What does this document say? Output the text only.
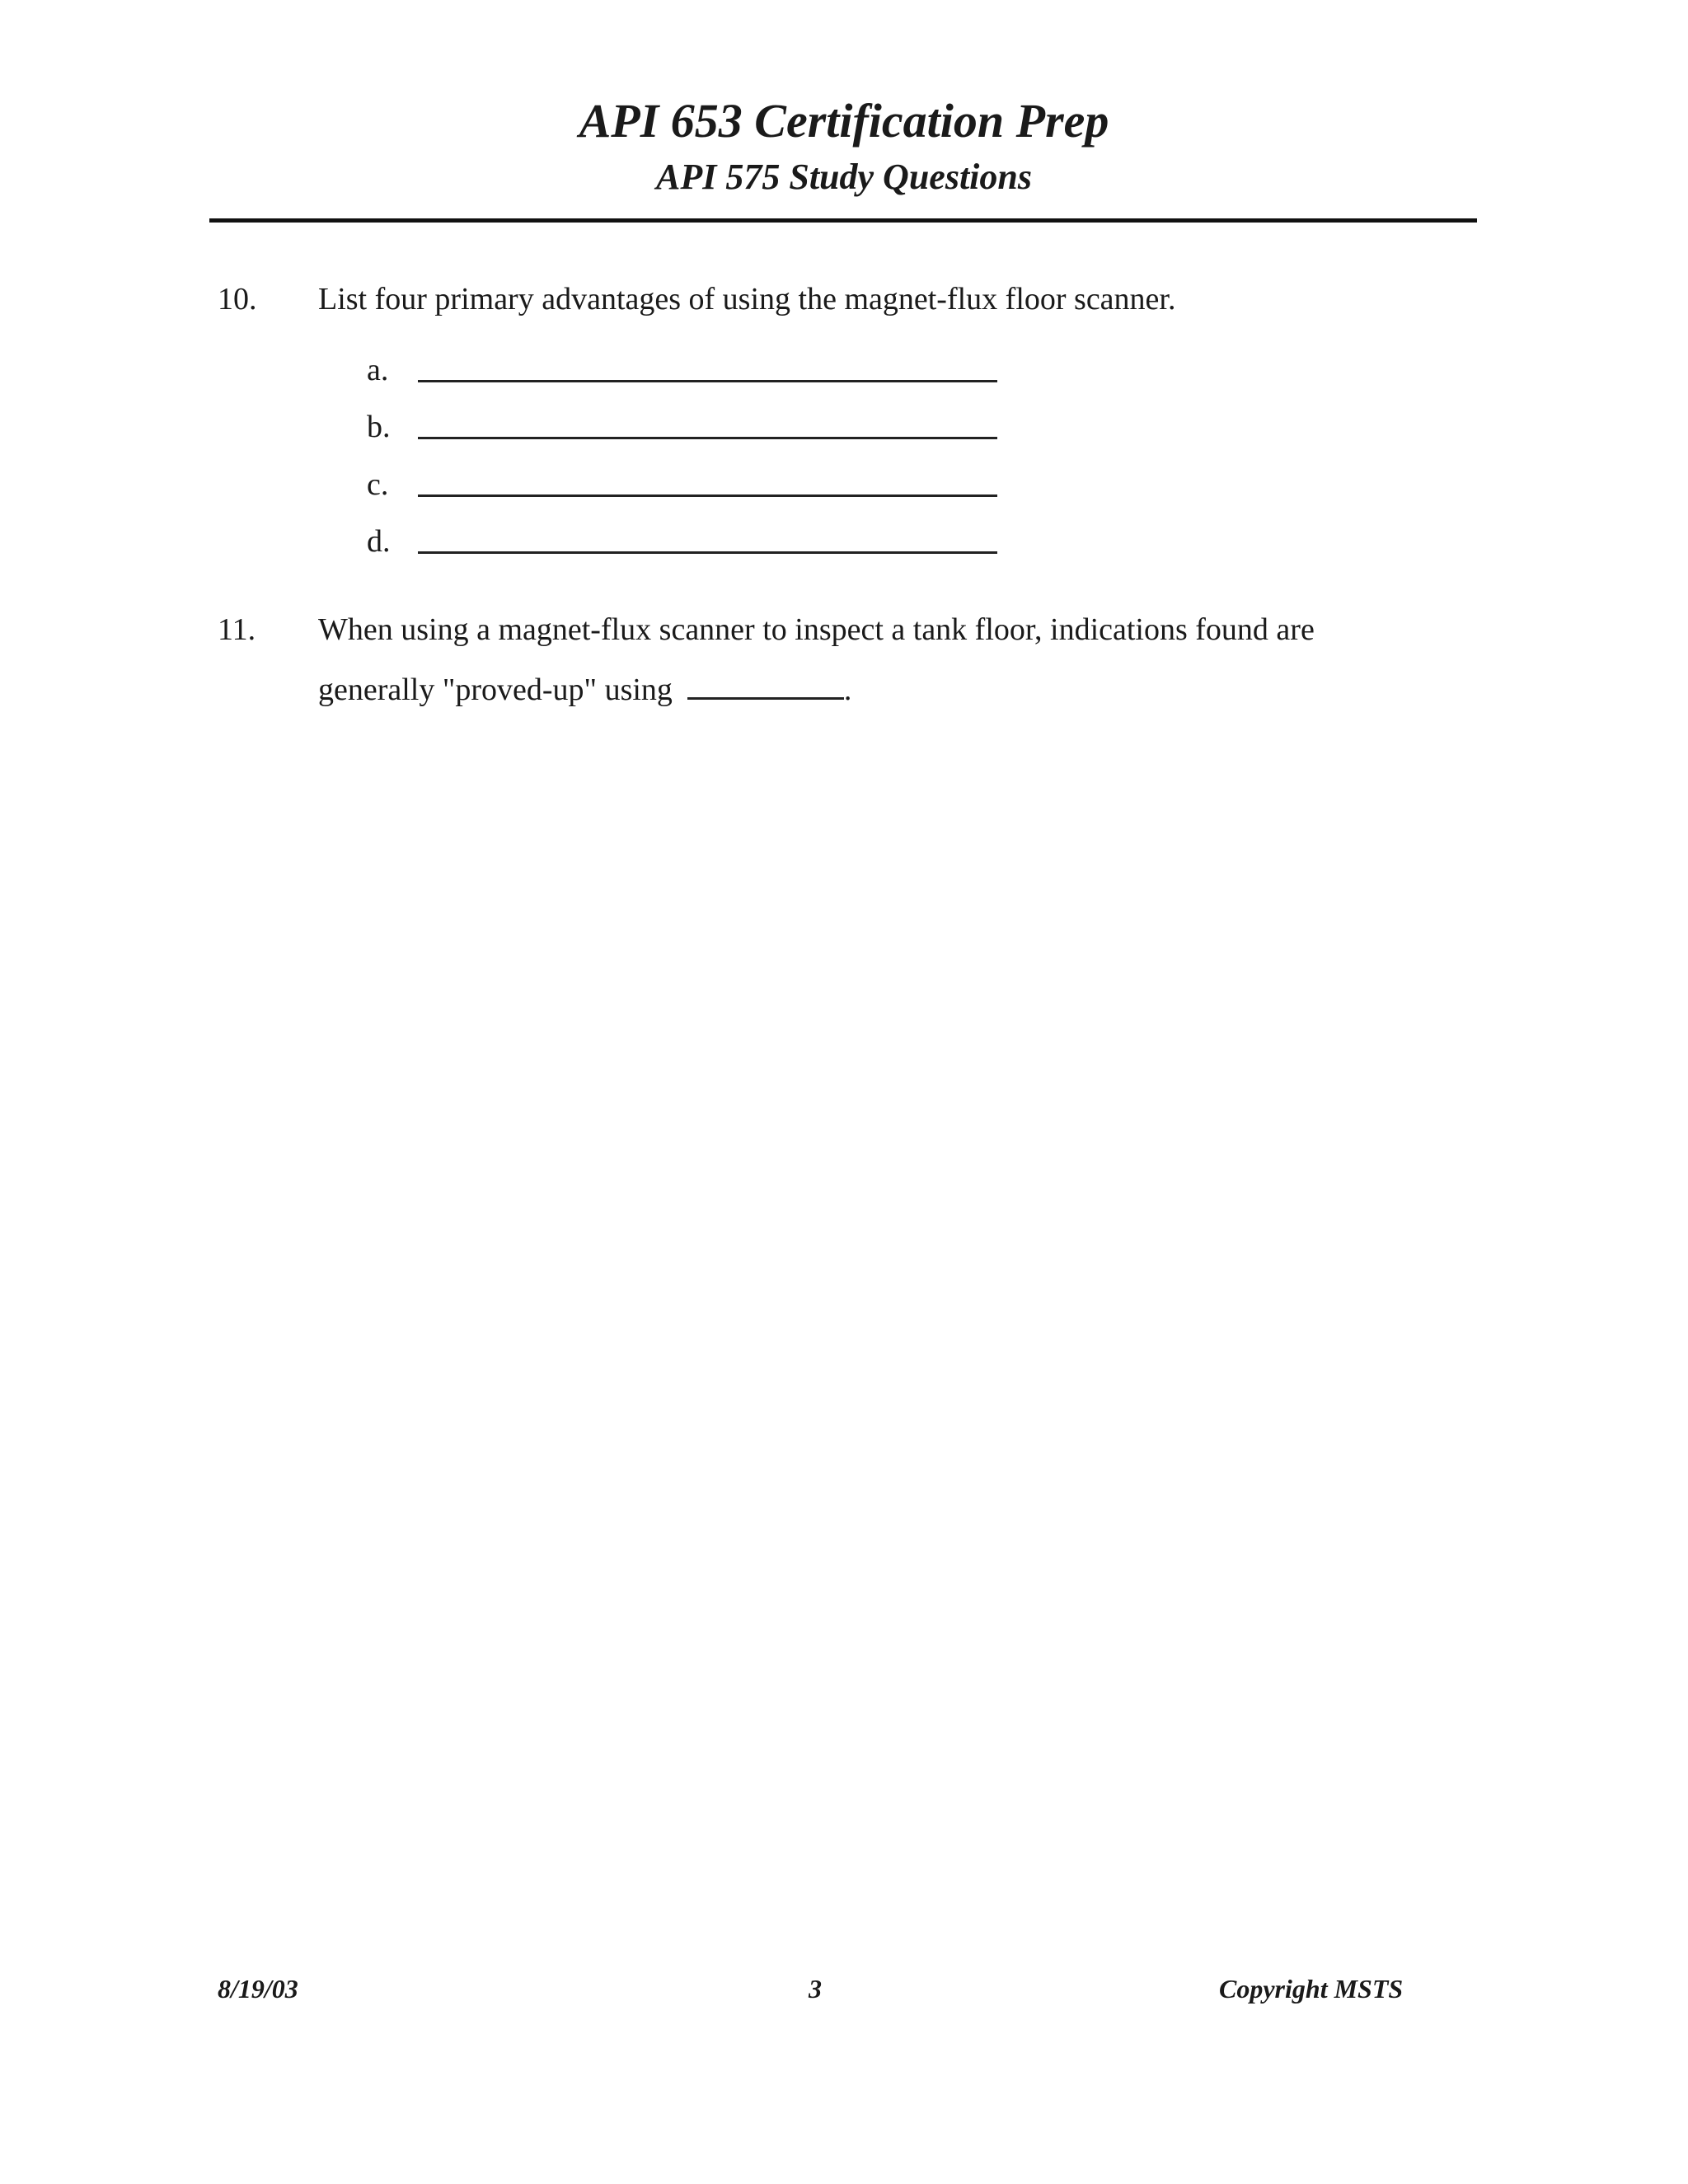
API 653 Certification Prep
API 575 Study Questions
10. List four primary advantages of using the magnet-flux floor scanner.
a.
b.
c.
d.
11. When using a magnet-flux scanner to inspect a tank floor, indications found are
generally "proved-up" using	.
8/19/03	3	Copyright MSTS
